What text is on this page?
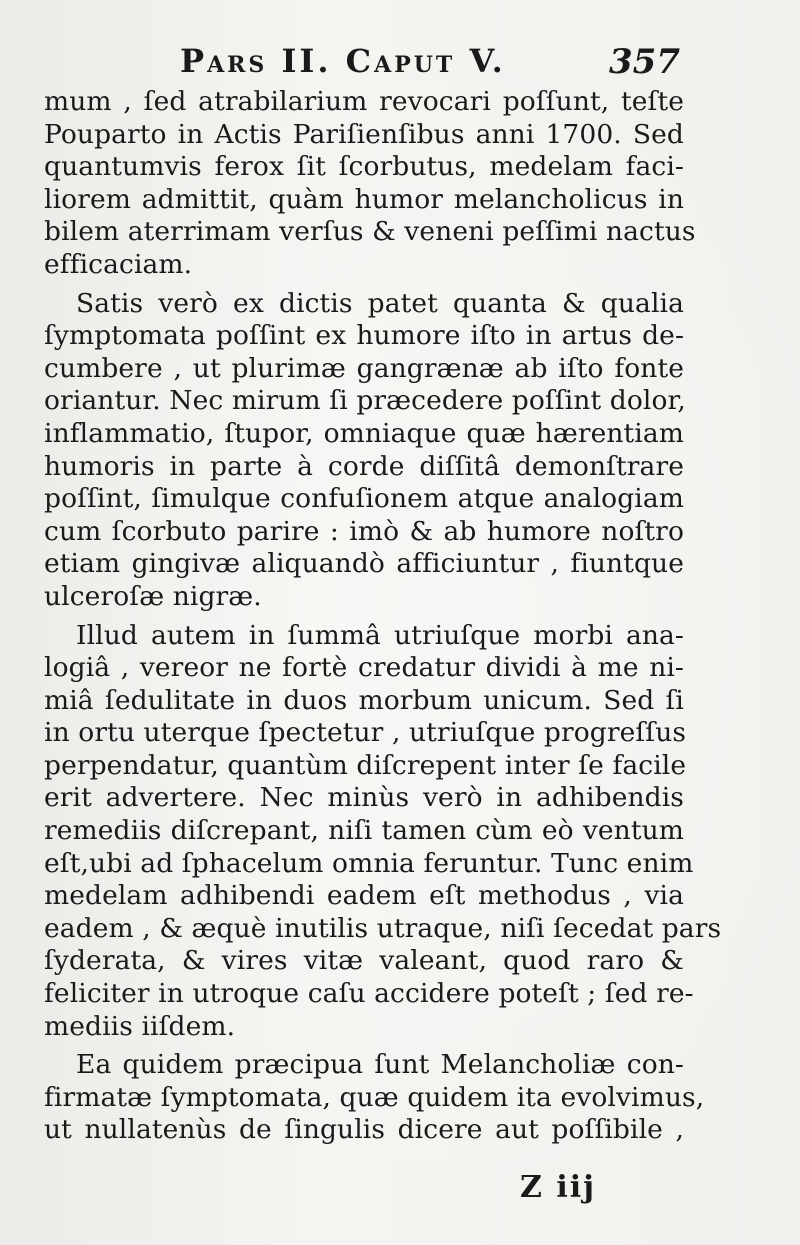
Pars II. Caput V.	357
mum , ſed atrabilarium revocari poſſunt, teſte
Pouparto in Actis Pariſienſibus anni 1700. Sed
quantumvis ferox ſit ſcorbutus, medelam faci-
liorem admittit, quàm humor melancholicus in
bilem aterrimam verſus & veneni peſſimi nactus
efficaciam.
Satis verò ex dictis patet quanta & qualia
ſymptomata poſſint ex humore iſto in artus de-
cumbere , ut plurimæ gangrænæ ab iſto fonte
oriantur. Nec mirum ſi præcedere poſſint dolor,
inflammatio, ſtupor, omniaque quæ hærentiam
humoris in parte à corde diſſitâ demonſtrare
poſſint, ſimulque confuſionem atque analogiam
cum ſcorbuto parire : imò & ab humore noſtro
etiam gingivæ aliquandò afficiuntur , fiuntque
ulceroſæ nigræ.
Illud autem in ſummâ utriuſque morbi ana-
logiâ , vereor ne fortè credatur dividi à me ni-
miâ ſedulitate in duos morbum unicum. Sed ſi
in ortu uterque ſpectetur , utriuſque progreſſus
perpendatur, quantùm diſcrepent inter ſe facile
erit advertere. Nec minùs verò in adhibendis
remediis diſcrepant, niſi tamen cùm eò ventum
eſt,ubi ad ſphacelum omnia feruntur. Tunc enim
medelam adhibendi eadem eſt methodus , via
eadem , & æquè inutilis utraque, niſi ſecedat pars
ſyderata, & vires vitæ valeant, quod raro &
feliciter in utroque caſu accidere poteſt ; ſed re-
mediis iiſdem.
Ea quidem præcipua ſunt Melancholiæ con-
firmatæ ſymptomata, quæ quidem ita evolvimus,
ut nullatenùs de ſingulis dicere aut poſſibile ,
Z iij
